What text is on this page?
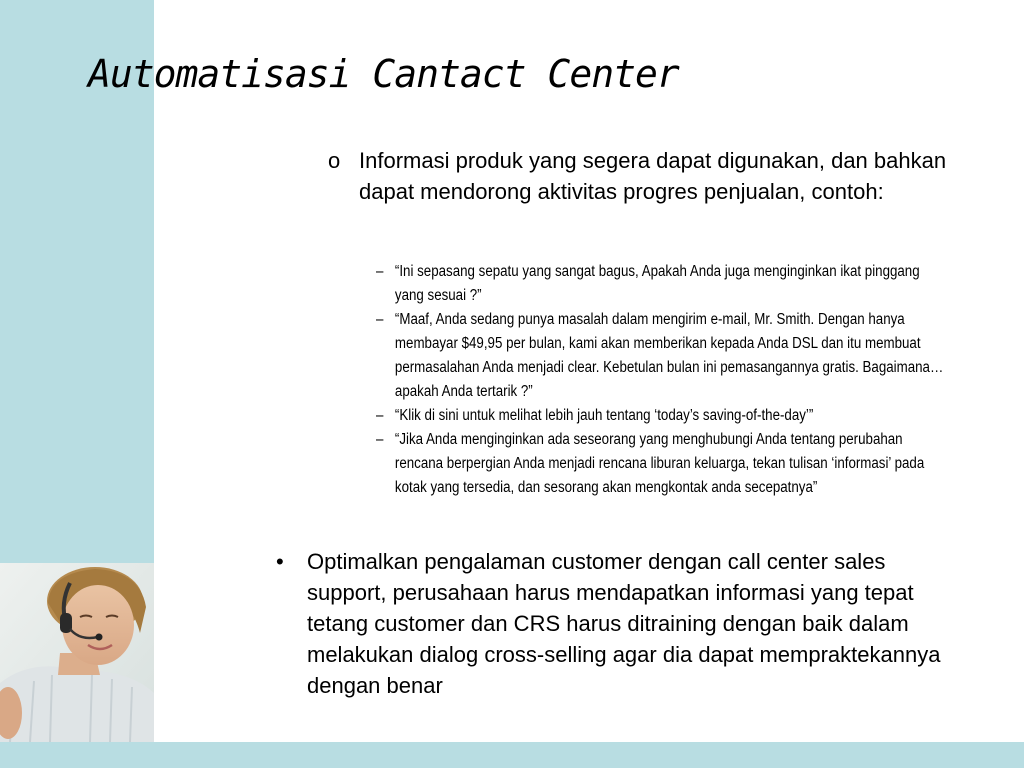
Automatisasi Cantact Center
o Informasi produk yang segera dapat digunakan, dan bahkan dapat mendorong aktivitas progres penjualan, contoh:
– “Ini sepasang sepatu yang sangat bagus, Apakah Anda juga menginginkan ikat pinggang yang sesuai ?”
– “Maaf, Anda sedang punya masalah dalam mengirim e-mail, Mr. Smith. Dengan hanya membayar $49,95 per bulan, kami akan memberikan kepada Anda DSL dan itu membuat permasalahan Anda menjadi clear. Kebetulan bulan ini pemasangannya gratis. Bagaimana… apakah Anda tertarik ?”
– “Klik di sini untuk melihat lebih jauh tentang ‘today’s saving-of-the-day’”
– “Jika Anda menginginkan ada seseorang yang menghubungi Anda tentang perubahan rencana berpergian Anda menjadi rencana liburan keluarga, tekan tulisan ‘informasi’ pada kotak yang tersedia, dan sesorang akan mengkontak anda secepatnya”
• Optimalkan pengalaman customer dengan call center sales support, perusahaan harus mendapatkan informasi yang tepat tetang customer dan CRS harus ditraining dengan baik dalam melakukan dialog cross-selling agar dia dapat mempraktekannya dengan benar
